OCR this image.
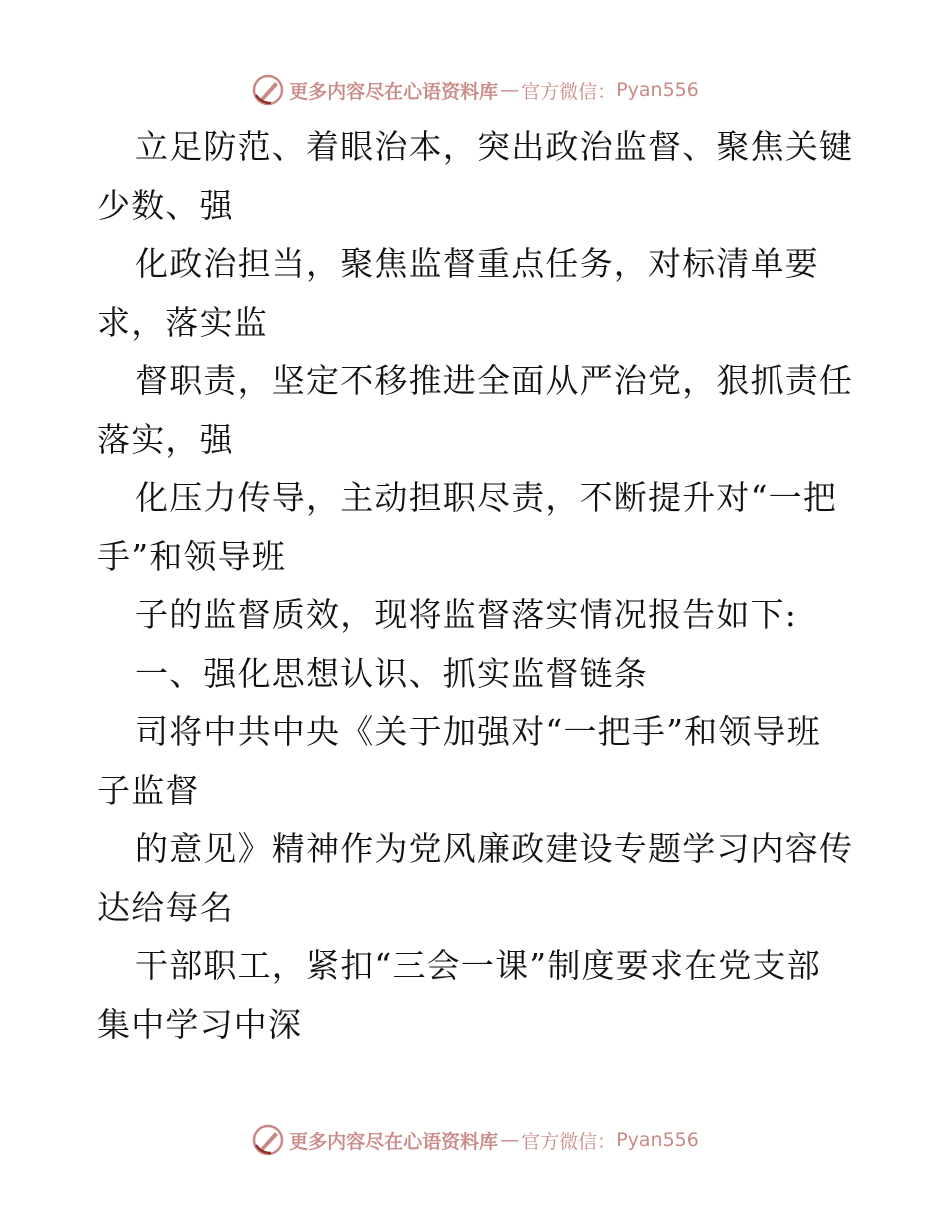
更多内容尽在心语资料库 — 官方微信： Pyan556
立足防范、着眼治本，突出政治监督、聚焦关键
少数、强
化政治担当，聚焦监督重点任务，对标清单要
求，落实监
督职责，坚定不移推进全面从严治党，狠抓责任
落实，强
化压力传导，主动担职尽责，不断提升对“一把
手”和领导班
子的监督质效，现将监督落实情况报告如下:
一、强化思想认识、抓实监督链条
司将中共中央《关于加强对“一把手”和领导班
子监督
的意见》精神作为党风廉政建设专题学习内容传
达给每名
干部职工，紧扣“三会一课”制度要求在党支部
集中学习中深
更多内容尽在心语资料库 — 官方微信： Pyan556
